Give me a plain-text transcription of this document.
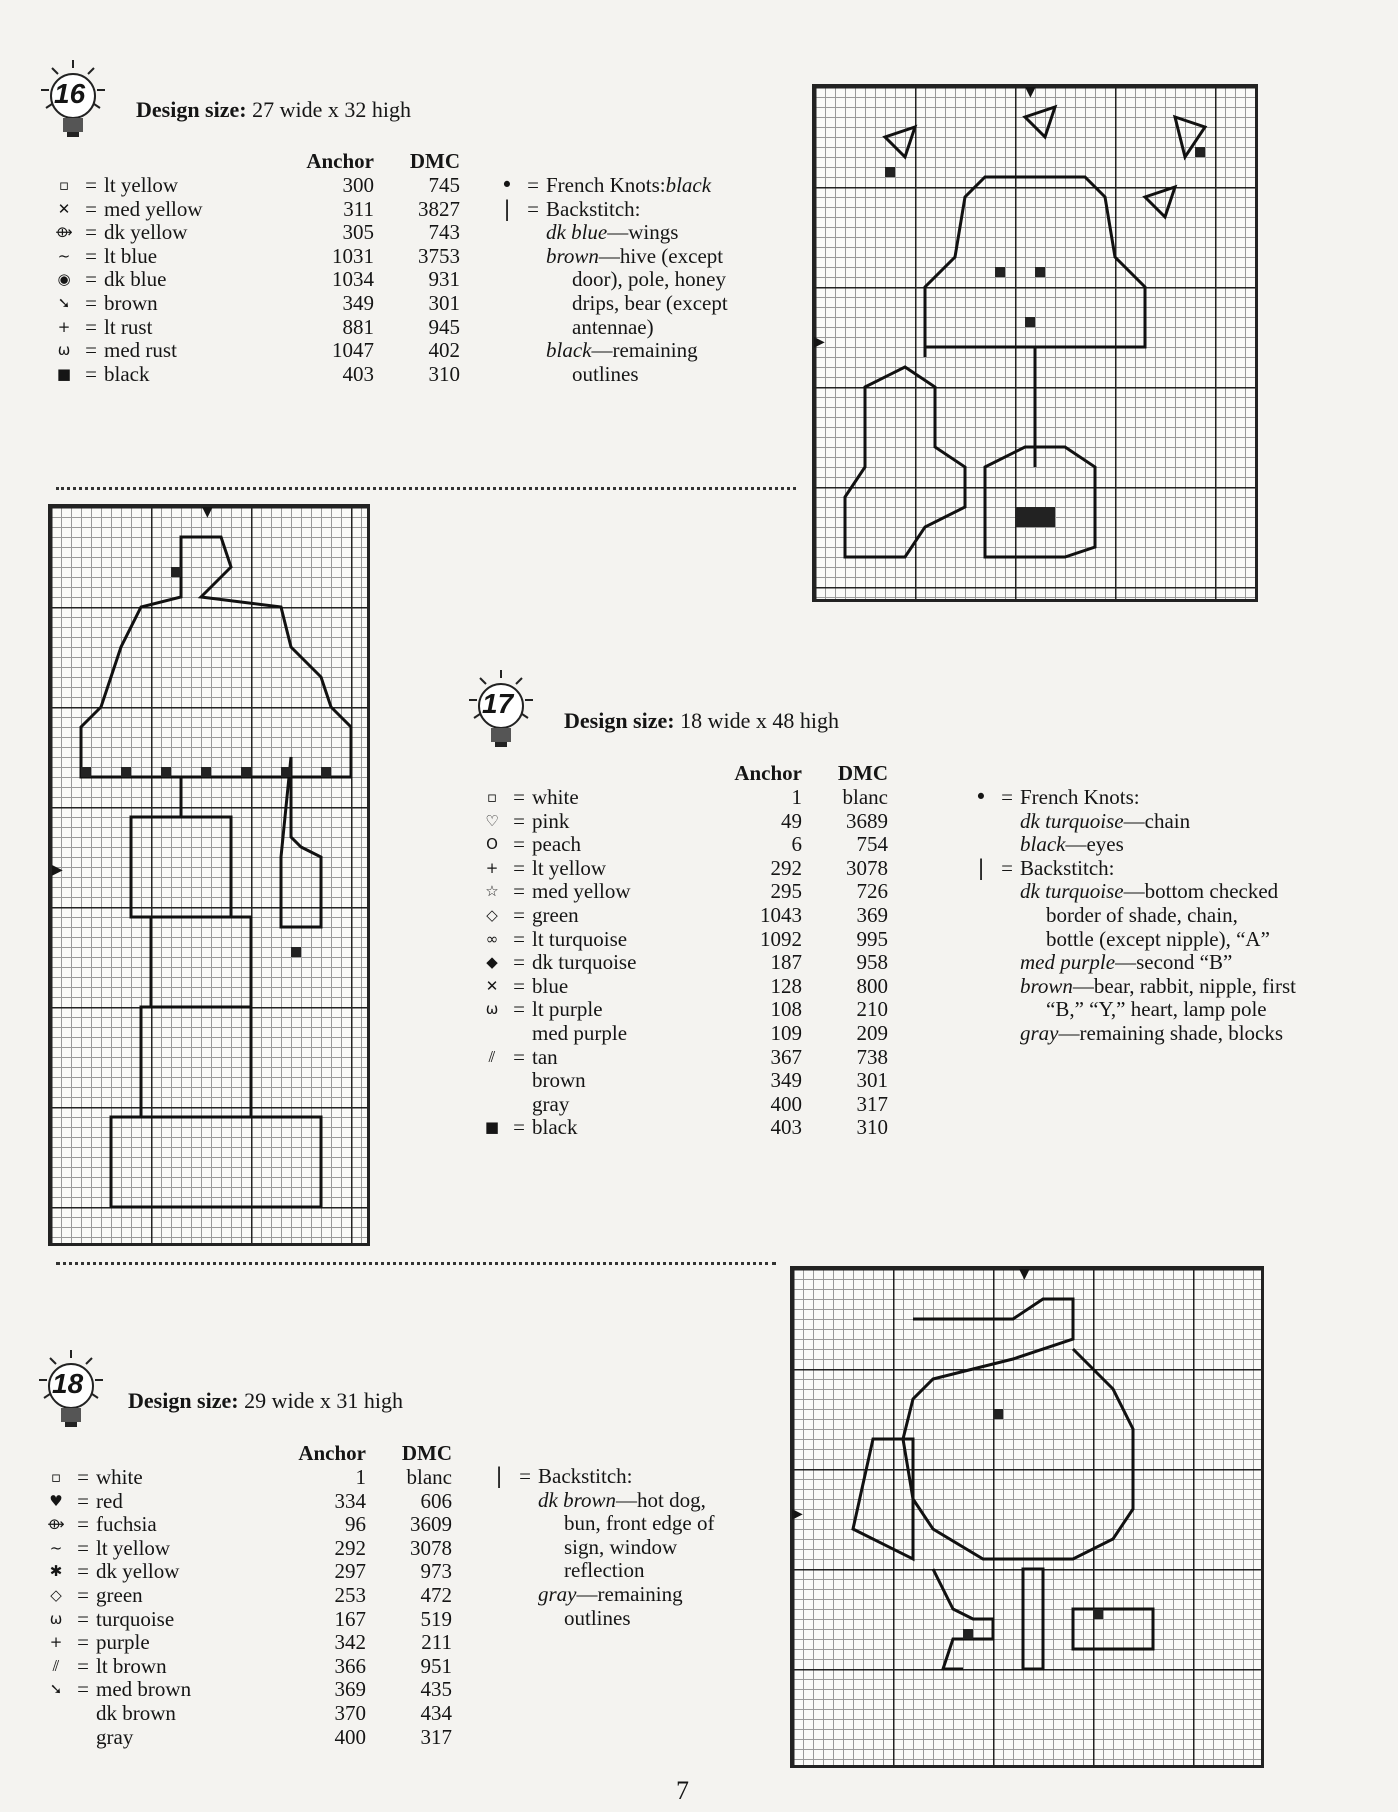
16
Design size: 27 wide x 32 high
			Anchor	DMC
▫	=	lt yellow	300	745
✕	=	med yellow	311	3827
⟴	=	dk yellow	305	743
~	=	lt blue	1031	3753
◉	=	dk blue	1034	931
➘	=	brown	349	301
+	=	lt rust	881	945
ω	=	med rust	1047	402
■	=	black	403	310
• = French Knots: black
| = Backstitch:
dk blue—wings
brown—hive (except
door), pole, honey
drips, bear (except
antennae)
black—remaining
outlines
▼
▶
▼
▶
17
Design size: 18 wide x 48 high
			Anchor	DMC
▫	=	white	1	blanc
♡	=	pink	49	3689
O	=	peach	6	754
+	=	lt yellow	292	3078
☆	=	med yellow	295	726
◇	=	green	1043	369
∞	=	lt turquoise	1092	995
◆	=	dk turquoise	187	958
✕	=	blue	128	800
ω	=	lt purple	108	210
		med purple	109	209
⫽	=	tan	367	738
		brown	349	301
		gray	400	317
■	=	black	403	310
• = French Knots:
dk turquoise—chain
black—eyes
| = Backstitch:
dk turquoise—bottom checked
border of shade, chain,
bottle (except nipple), “A”
med purple—second “B”
brown—bear, rabbit, nipple, first
“B,” “Y,” heart, lamp pole
gray—remaining shade, blocks
18
Design size: 29 wide x 31 high
			Anchor	DMC
▫	=	white	1	blanc
♥	=	red	334	606
⟴	=	fuchsia	96	3609
~	=	lt yellow	292	3078
✱	=	dk yellow	297	973
◇	=	green	253	472
ω	=	turquoise	167	519
+	=	purple	342	211
⫽	=	lt brown	366	951
➘	=	med brown	369	435
		dk brown	370	434
		gray	400	317
| = Backstitch:
dk brown—hot dog,
bun, front edge of
sign, window
reflection
gray—remaining
outlines
▼
▶
7
